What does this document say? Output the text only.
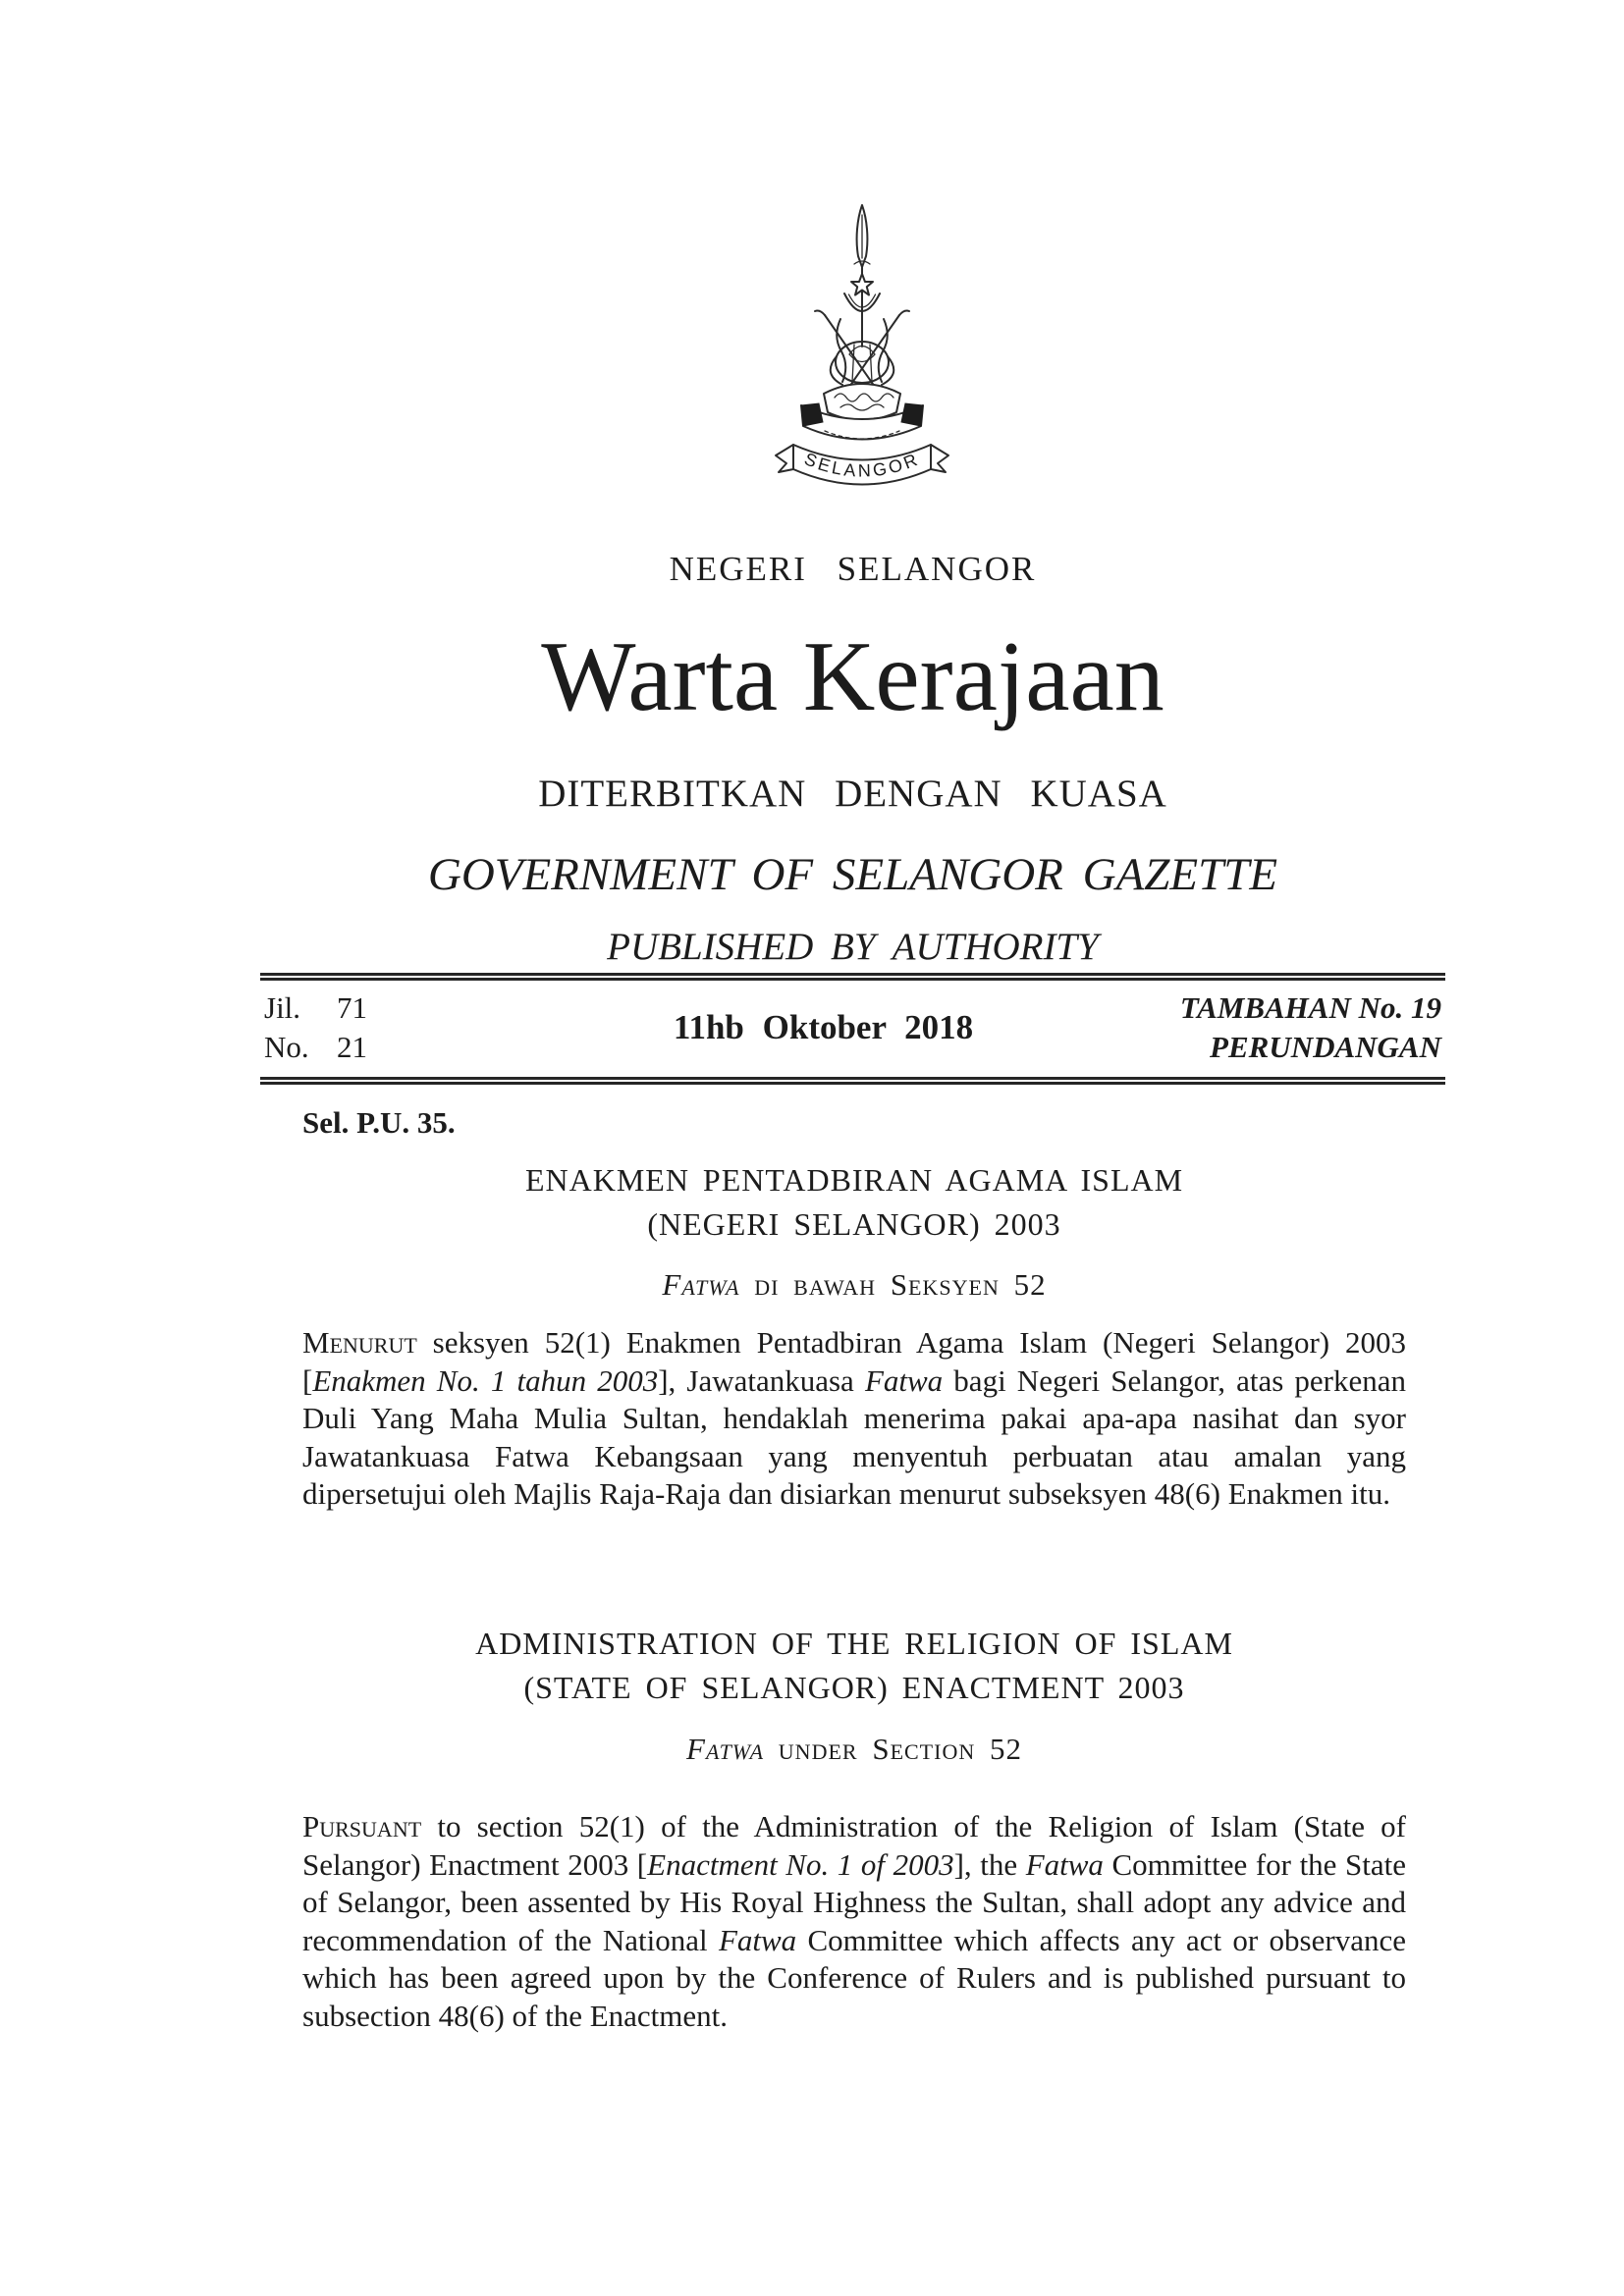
SELANGOR
NEGERI SELANGOR
Warta Kerajaan
DITERBITKAN DENGAN KUASA
GOVERNMENT OF SELANGOR GAZETTE
PUBLISHED BY AUTHORITY
Jil. 71
No. 21
11hb Oktober 2018
TAMBAHAN No. 19
PERUNDANGAN
Sel. P.U. 35.
ENAKMEN PENTADBIRAN AGAMA ISLAM
(NEGERI SELANGOR) 2003
Fatwa di bawah Seksyen 52
Menurut seksyen 52(1) Enakmen Pentadbiran Agama Islam (Negeri Selangor) 2003 [Enakmen No. 1 tahun 2003], Jawatankuasa Fatwa bagi Negeri Selangor, atas perkenan Duli Yang Maha Mulia Sultan, hendaklah menerima pakai apa-apa nasihat dan syor Jawatankuasa Fatwa Kebangsaan yang menyentuh perbuatan atau amalan yang dipersetujui oleh Majlis Raja-Raja dan disiarkan menurut subseksyen 48(6) Enakmen itu.
ADMINISTRATION OF THE RELIGION OF ISLAM
(STATE OF SELANGOR) ENACTMENT 2003
Fatwa under Section 52
Pursuant to section 52(1) of the Administration of the Religion of Islam (State of Selangor) Enactment 2003 [Enactment No. 1 of 2003], the Fatwa Committee for the State of Selangor, been assented by His Royal Highness the Sultan, shall adopt any advice and recommendation of the National Fatwa Committee which affects any act or observance which has been agreed upon by the Conference of Rulers and is published pursuant to subsection 48(6) of the Enactment.
